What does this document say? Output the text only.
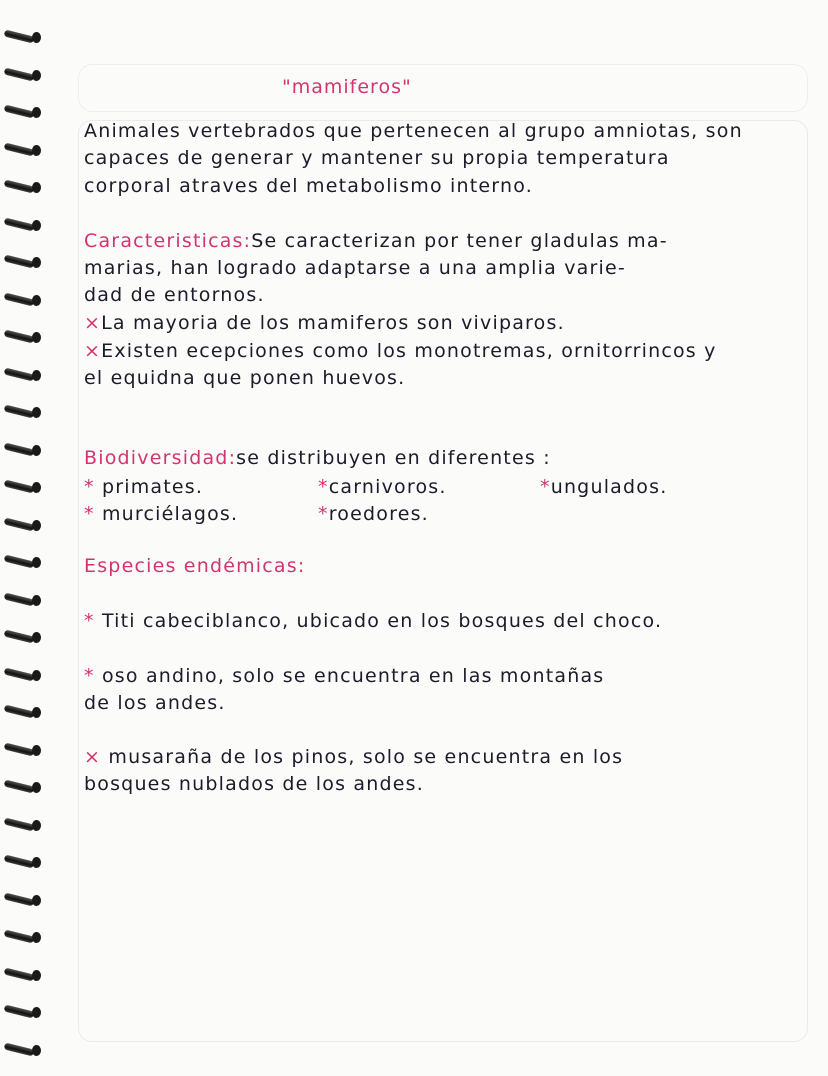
"mamiferos"
Animales vertebrados que pertenecen al grupo amniotas, son
capaces de generar y mantener su propia temperatura
corporal atraves del metabolismo interno.
Caracteristicas:Se caracterizan por tener gladulas ma-
marias, han logrado adaptarse a una amplia varie-
dad de entornos.
×La mayoria de los mamiferos son viviparos.
×Existen ecepciones como los monotremas, ornitorrincos y
el equidna que ponen huevos.
Biodiversidad:se distribuyen en diferentes :
* primates.	*carnivoros.	*ungulados.
* murciélagos.	*roedores.
Especies endémicas:
* Titi cabeciblanco, ubicado en los bosques del choco.
* oso andino, solo se encuentra en las montañas
de los andes.
× musaraña de los pinos, solo se encuentra en los
bosques nublados de los andes.
